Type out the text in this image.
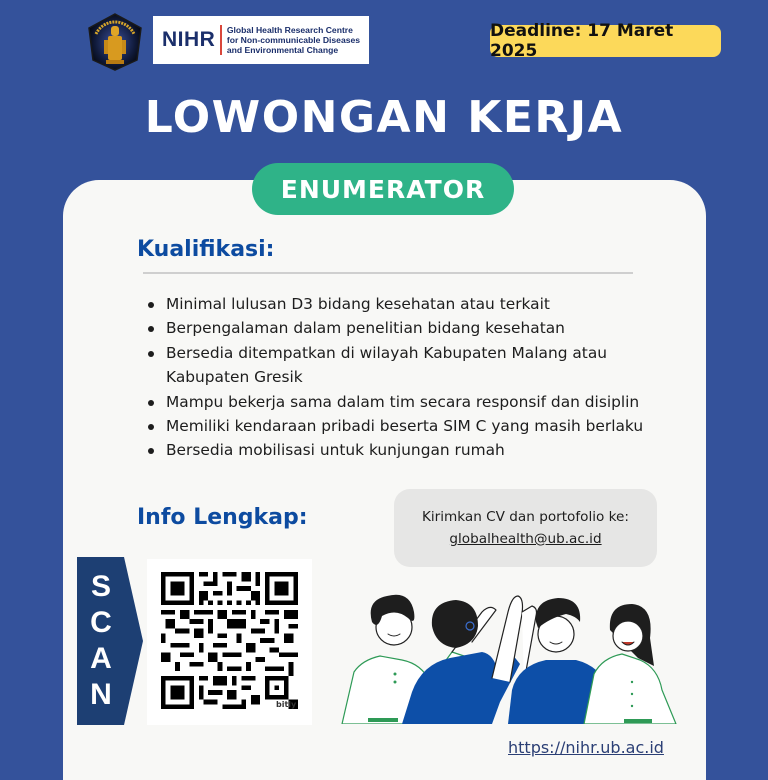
NIHR Global Health Research Centre
for Non-communicable Diseases
and Environmental Change
Deadline: 17 Maret 2025
LOWONGAN KERJA
ENUMERATOR
Kualifikasi:
Minimal lulusan D3 bidang kesehatan atau terkait
Berpengalaman dalam penelitian bidang kesehatan
Bersedia ditempatkan di wilayah Kabupaten Malang atau Kabupaten Gresik
Mampu bekerja sama dalam tim secara responsif dan disiplin
Memiliki kendaraan pribadi beserta SIM C yang masih berlaku
Bersedia mobilisasi untuk kunjungan rumah
Info Lengkap:	Kirimkan CV dan portofolio ke:
globalhealth@ub.ac.id
S
C
A
N	bitly
https://nihr.ub.ac.id
